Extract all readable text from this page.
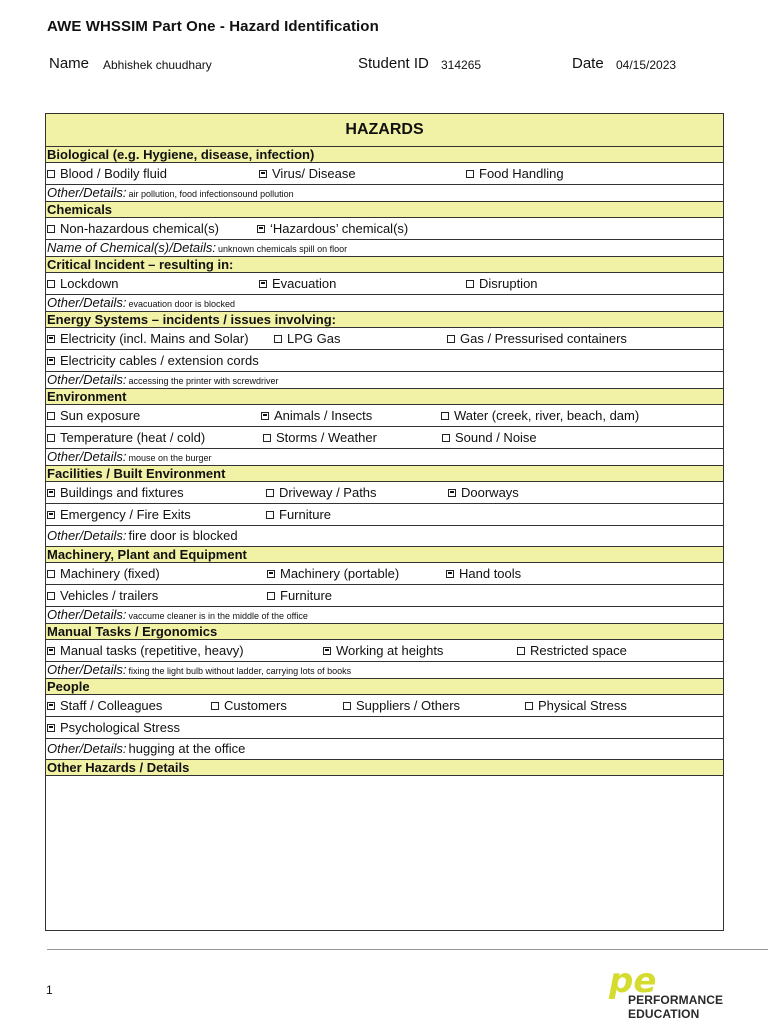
AWE WHSSIM Part One - Hazard Identification
Name Abhishek chuudhary	Student ID 314265	Date 04/15/2023
HAZARDS
Biological (e.g. Hygiene, disease, infection)
Blood / Bodily fluid	Virus/ Disease	Food Handling
Other/Details: air pollution, food infectionsound pollution
Chemicals
Non-hazardous chemical(s)	‘Hazardous’ chemical(s)
Name of Chemical(s)/Details: unknown chemicals spill on floor
Critical Incident – resulting in:
Lockdown	Evacuation	Disruption
Other/Details: evacuation door is blocked
Energy Systems – incidents / issues involving:
Electricity (incl. Mains and Solar)	LPG Gas	Gas / Pressurised containers
Electricity cables / extension cords
Other/Details: accessing the printer with screwdriver
Environment
Sun exposure	Animals / Insects	Water (creek, river, beach, dam)
Temperature (heat / cold)	Storms / Weather	Sound / Noise
Other/Details: mouse on the burger
Facilities / Built Environment
Buildings and fixtures	Driveway / Paths	Doorways
Emergency / Fire Exits	Furniture
Other/Details: fire door is blocked
Machinery, Plant and Equipment
Machinery (fixed)	Machinery (portable)	Hand tools
Vehicles / trailers	Furniture
Other/Details: vaccume cleaner is in the middle of the office
Manual Tasks / Ergonomics
Manual tasks (repetitive, heavy)	Working at heights	Restricted space
Other/Details: fixing the light bulb without ladder, carrying lots of books
People
Staff / Colleagues	Customers	Suppliers / Others	Physical Stress
Psychological Stress
Other/Details: hugging at the office
Other Hazards / Details
1	pe
PERFORMANCE
EDUCATION
